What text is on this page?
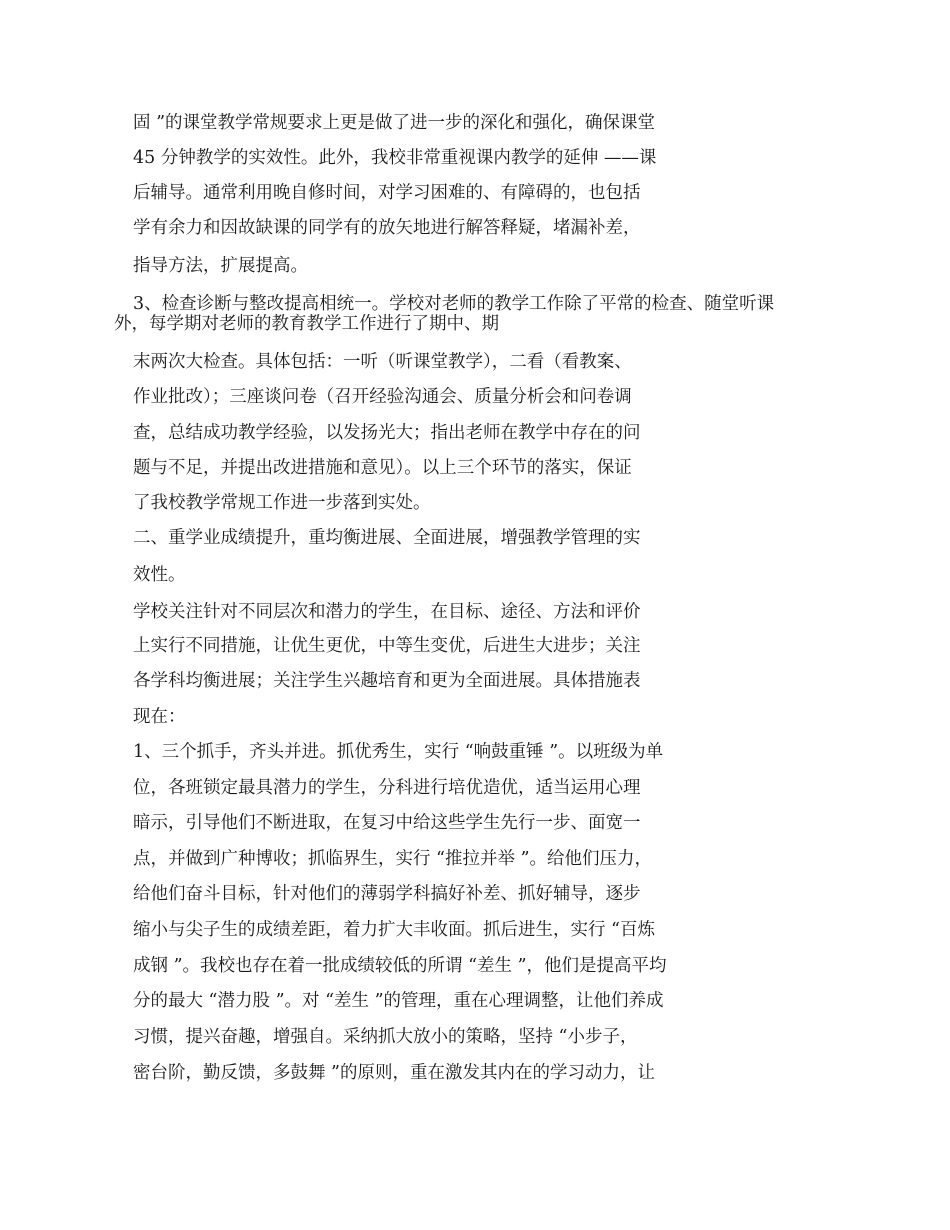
固 ”的课堂教学常规要求上更是做了进一步的深化和强化，确保课堂
45 分钟教学的实效性。此外，我校非常重视课内教学的延伸 ——课
后辅导。通常利用晚自修时间，对学习困难的、有障碍的，也包括
学有余力和因故缺课的同学有的放矢地进行解答释疑，堵漏补差，
指导方法，扩展提高。
3、检查诊断与整改提高相统一。学校对老师的教学工作除了平常的检查、随堂听课
外，每学期对老师的教育教学工作进行了期中、期
末两次大检查。具体包括：一听（听课堂教学），二看（看教案、
作业批改）；三座谈问卷（召开经验沟通会、质量分析会和问卷调
查，总结成功教学经验，以发扬光大；指出老师在教学中存在的问
题与不足，并提出改进措施和意见）。以上三个环节的落实，保证
了我校教学常规工作进一步落到实处。
二、重学业成绩提升，重均衡进展、全面进展，增强教学管理的实
效性。
学校关注针对不同层次和潜力的学生，在目标、途径、方法和评价
上实行不同措施，让优生更优，中等生变优，后进生大进步；关注
各学科均衡进展；关注学生兴趣培育和更为全面进展。具体措施表
现在：
1、三个抓手，齐头并进。抓优秀生，实行 “响鼓重锤 ”。以班级为单
位，各班锁定最具潜力的学生，分科进行培优造优，适当运用心理
暗示，引导他们不断进取，在复习中给这些学生先行一步、面宽一
点，并做到广种博收；抓临界生，实行 “推拉并举 ”。给他们压力，
给他们奋斗目标，针对他们的薄弱学科搞好补差、抓好辅导，逐步
缩小与尖子生的成绩差距，着力扩大丰收面。抓后进生，实行 “百炼
成钢 ”。我校也存在着一批成绩较低的所谓 “差生 ”，他们是提高平均
分的最大 “潜力股 ”。对 “差生 ”的管理，重在心理调整，让他们养成
习惯，提兴奋趣，增强自。采纳抓大放小的策略，坚持 “小步子，
密台阶，勤反馈，多鼓舞 ”的原则，重在激发其内在的学习动力，让
